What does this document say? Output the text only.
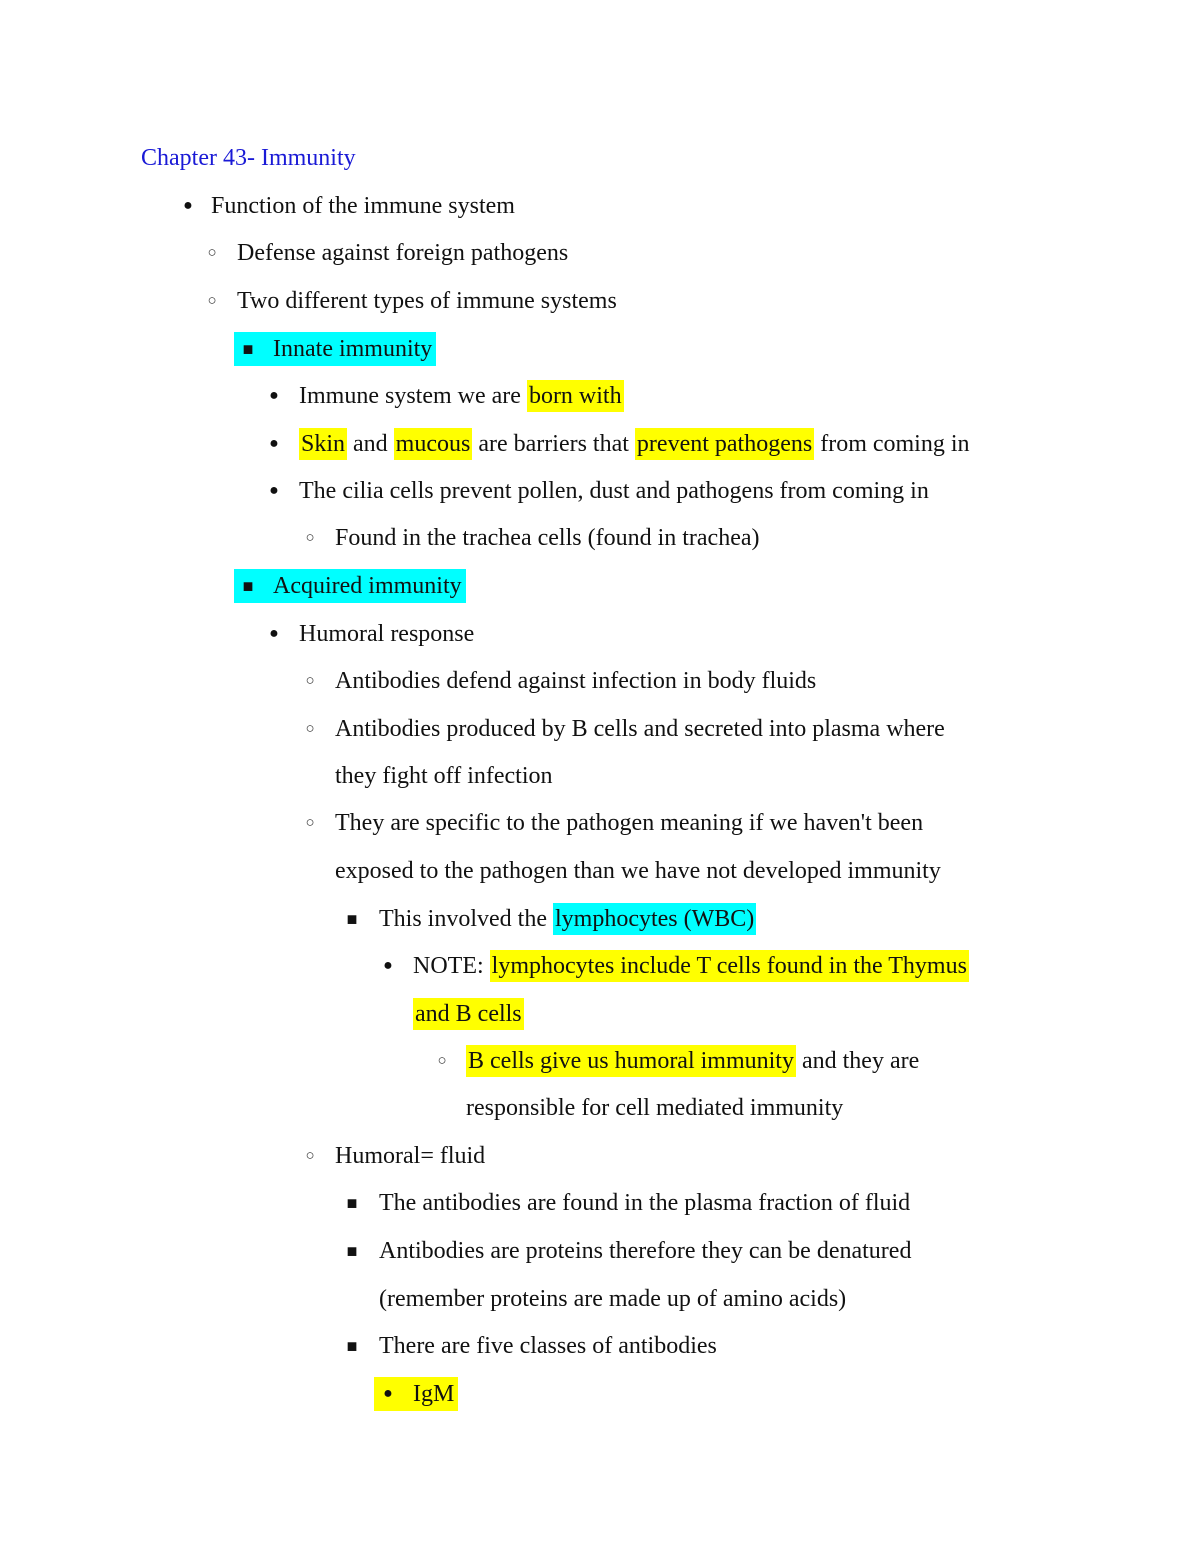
Chapter 43- Immunity
● Function of the immune system
○ Defense against foreign pathogens
○ Two different types of immune systems
■ Innate immunity
● Immune system we are born with
● Skin and mucous are barriers that prevent pathogens from coming in
● The cilia cells prevent pollen, dust and pathogens from coming in
○ Found in the trachea cells (found in trachea)
■ Acquired immunity
● Humoral response
○ Antibodies defend against infection in body fluids
○ Antibodies produced by B cells and secreted into plasma where
they fight off infection
○ They are specific to the pathogen meaning if we haven't been
exposed to the pathogen than we have not developed immunity
■ This involved the lymphocytes (WBC)
● NOTE: lymphocytes include T cells found in the Thymus
and B cells
○ B cells give us humoral immunity and they are
responsible for cell mediated immunity
○ Humoral= fluid
■ The antibodies are found in the plasma fraction of fluid
■ Antibodies are proteins therefore they can be denatured
(remember proteins are made up of amino acids)
■ There are five classes of antibodies
● IgM
